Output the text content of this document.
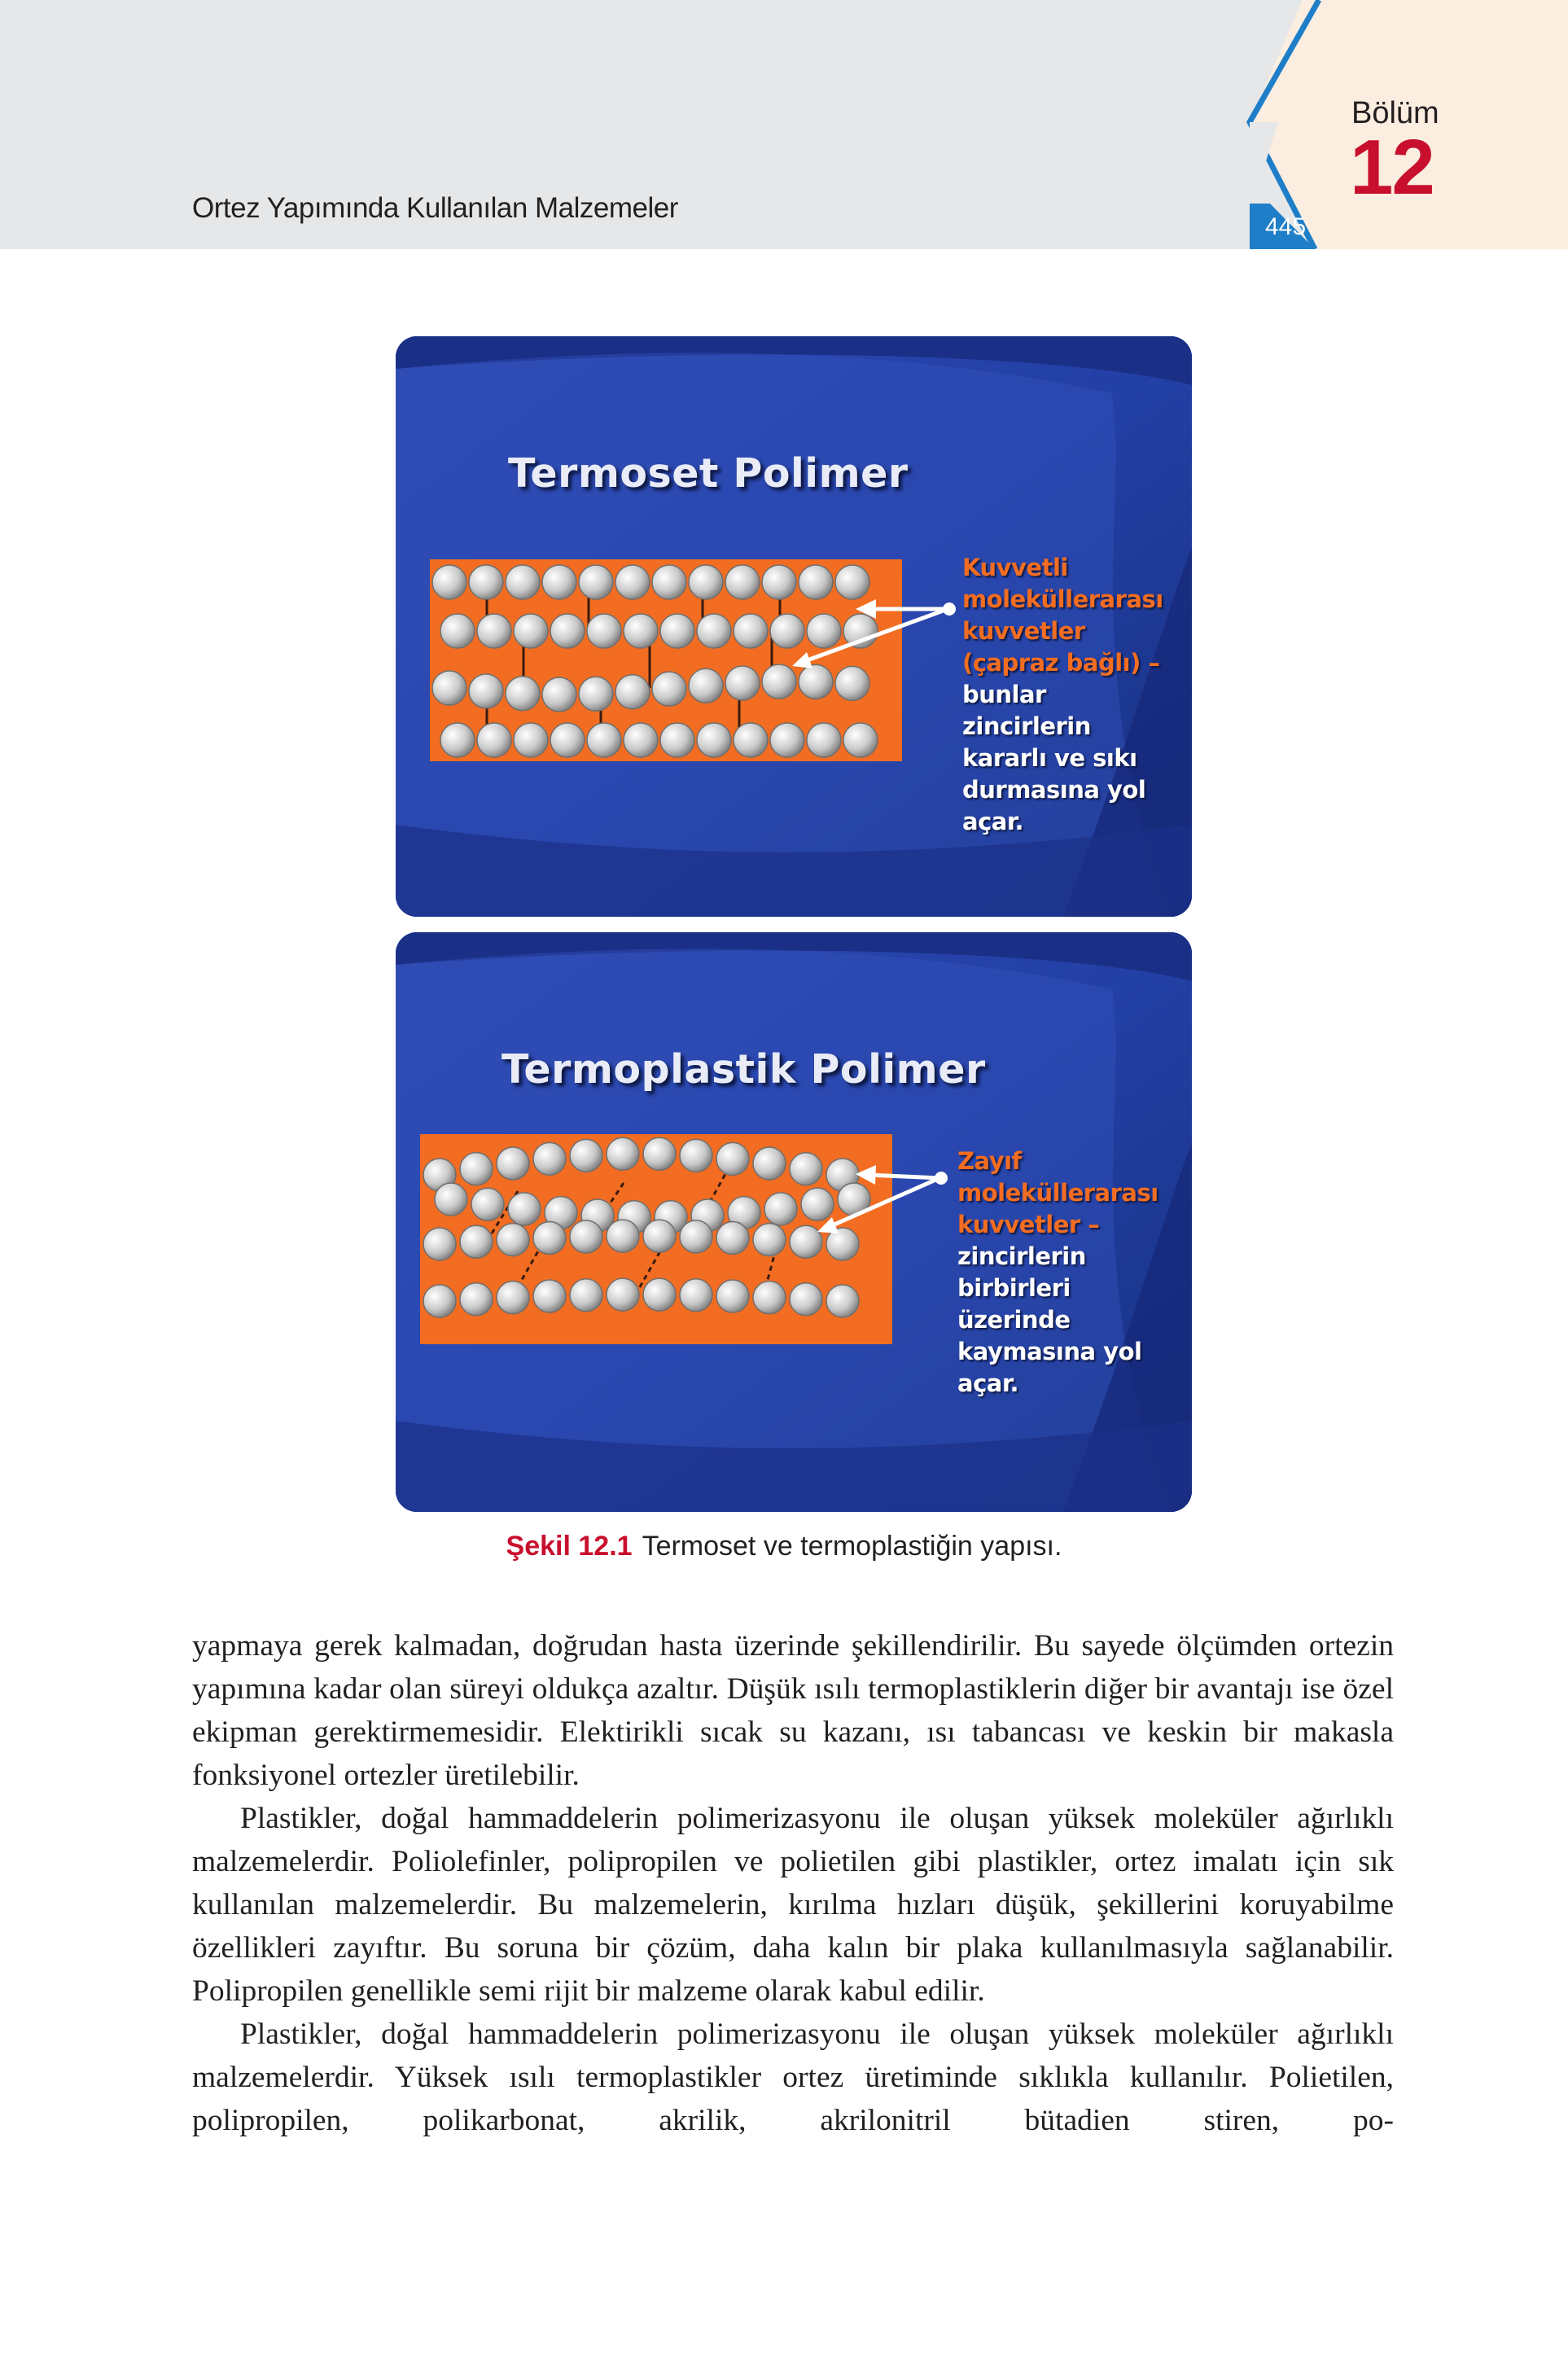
Ortez Yapımında Kullanılan Malzemeler
Bölüm
12
445
Termoset Polimer
Kuvvetli
moleküllerarası
kuvvetler
(çapraz bağlı) –
bunlar
zincirlerin
kararlı ve sıkı
durmasına yol
açar.
Termoplastik Polimer
Zayıf
moleküllerarası
kuvvetler –
zincirlerin
birbirleri
üzerinde
kaymasına yol
açar.
Şekil 12.1 Termoset ve termoplastiğin yapısı.

yapmaya gerek kalmadan, doğrudan hasta üzerinde şekillendirilir. Bu sayede ölçümden ortezin yapımına kadar olan süreyi oldukça azaltır. Düşük ısılı termoplastiklerin diğer bir avantajı ise özel ekipman gerektirmemesidir. Elektirikli sıcak su kazanı, ısı tabancası ve keskin bir makasla fonksiyonel ortezler üretilebilir.

Plastikler, doğal hammaddelerin polimerizasyonu ile oluşan yüksek moleküler ağırlıklı malzemelerdir. Poliolefinler, polipropilen ve polietilen gibi plastikler, ortez imalatı için sık kullanılan malzemelerdir. Bu malzemelerin, kırılma hızları düşük, şekillerini koruyabilme özellikleri zayıftır. Bu soruna bir çözüm, daha kalın bir plaka kullanılmasıyla sağlanabilir. Polipropilen genellikle semi rijit bir malzeme olarak kabul edilir.

Plastikler, doğal hammaddelerin polimerizasyonu ile oluşan yüksek moleküler ağırlıklı malzemelerdir. Yüksek ısılı termoplastikler ortez üretiminde sıklıkla kullanılır. Polietilen, polipropilen, polikarbonat, akrilik, akrilonitril bütadien stiren, po-
